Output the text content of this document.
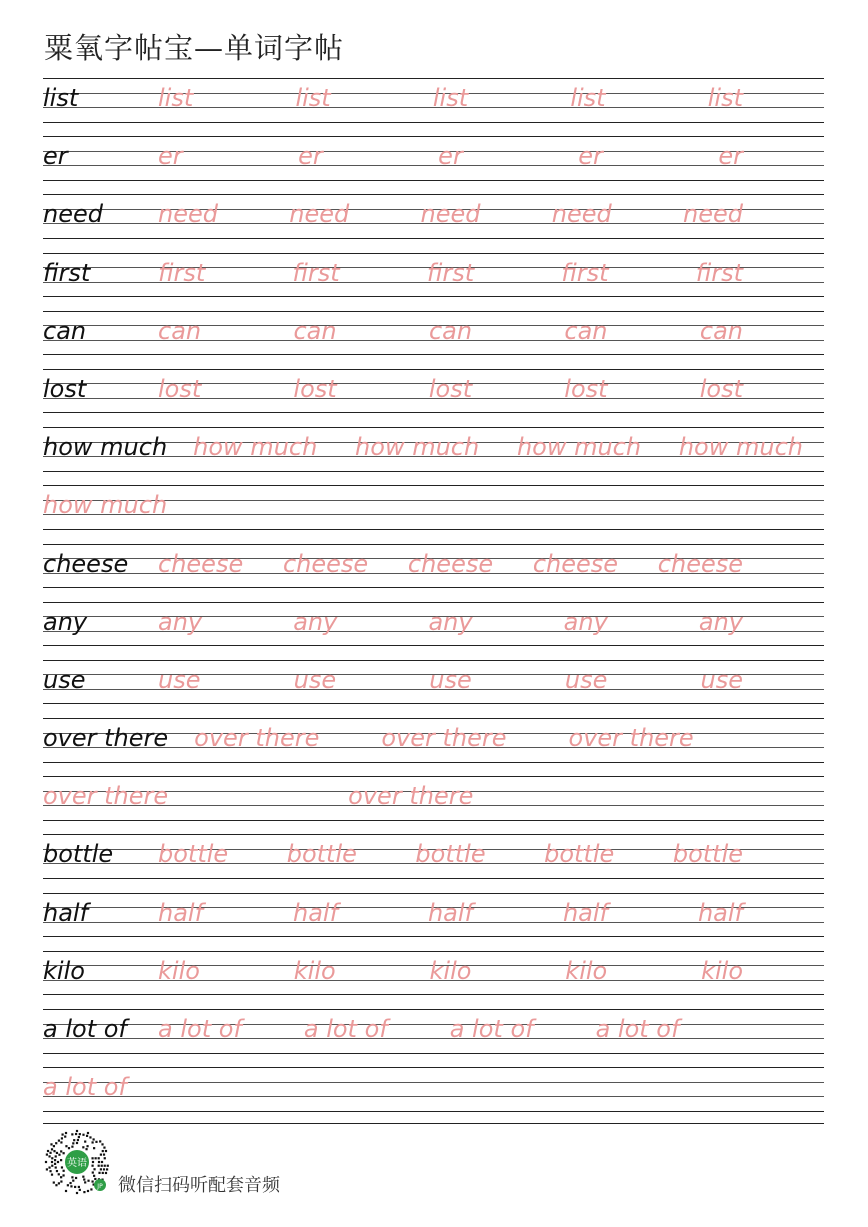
粟氧字帖宝—单词字帖
list	list	list	list	list	list
er	er	er	er	er	er
need need	need	need	need	need
first	first	first	first	first	first
can	can	can	can	can	can
lost	lost	lost	lost	lost	lost
how much how much how much how much how much
how much
cheese cheese cheese cheese cheese cheese
any	any	any	any	any	any
use	use	use	use	use	use
over there over there	over there	over there
over there	over there
bottle bottle bottle bottle bottle bottle
half	half	half	half	half	half
kilo	kilo	kilo	kilo	kilo	kilo
a lot of a lot of	a lot of	a lot of	a lot of
a lot of
英语
JP 微信扫码听配套音频
